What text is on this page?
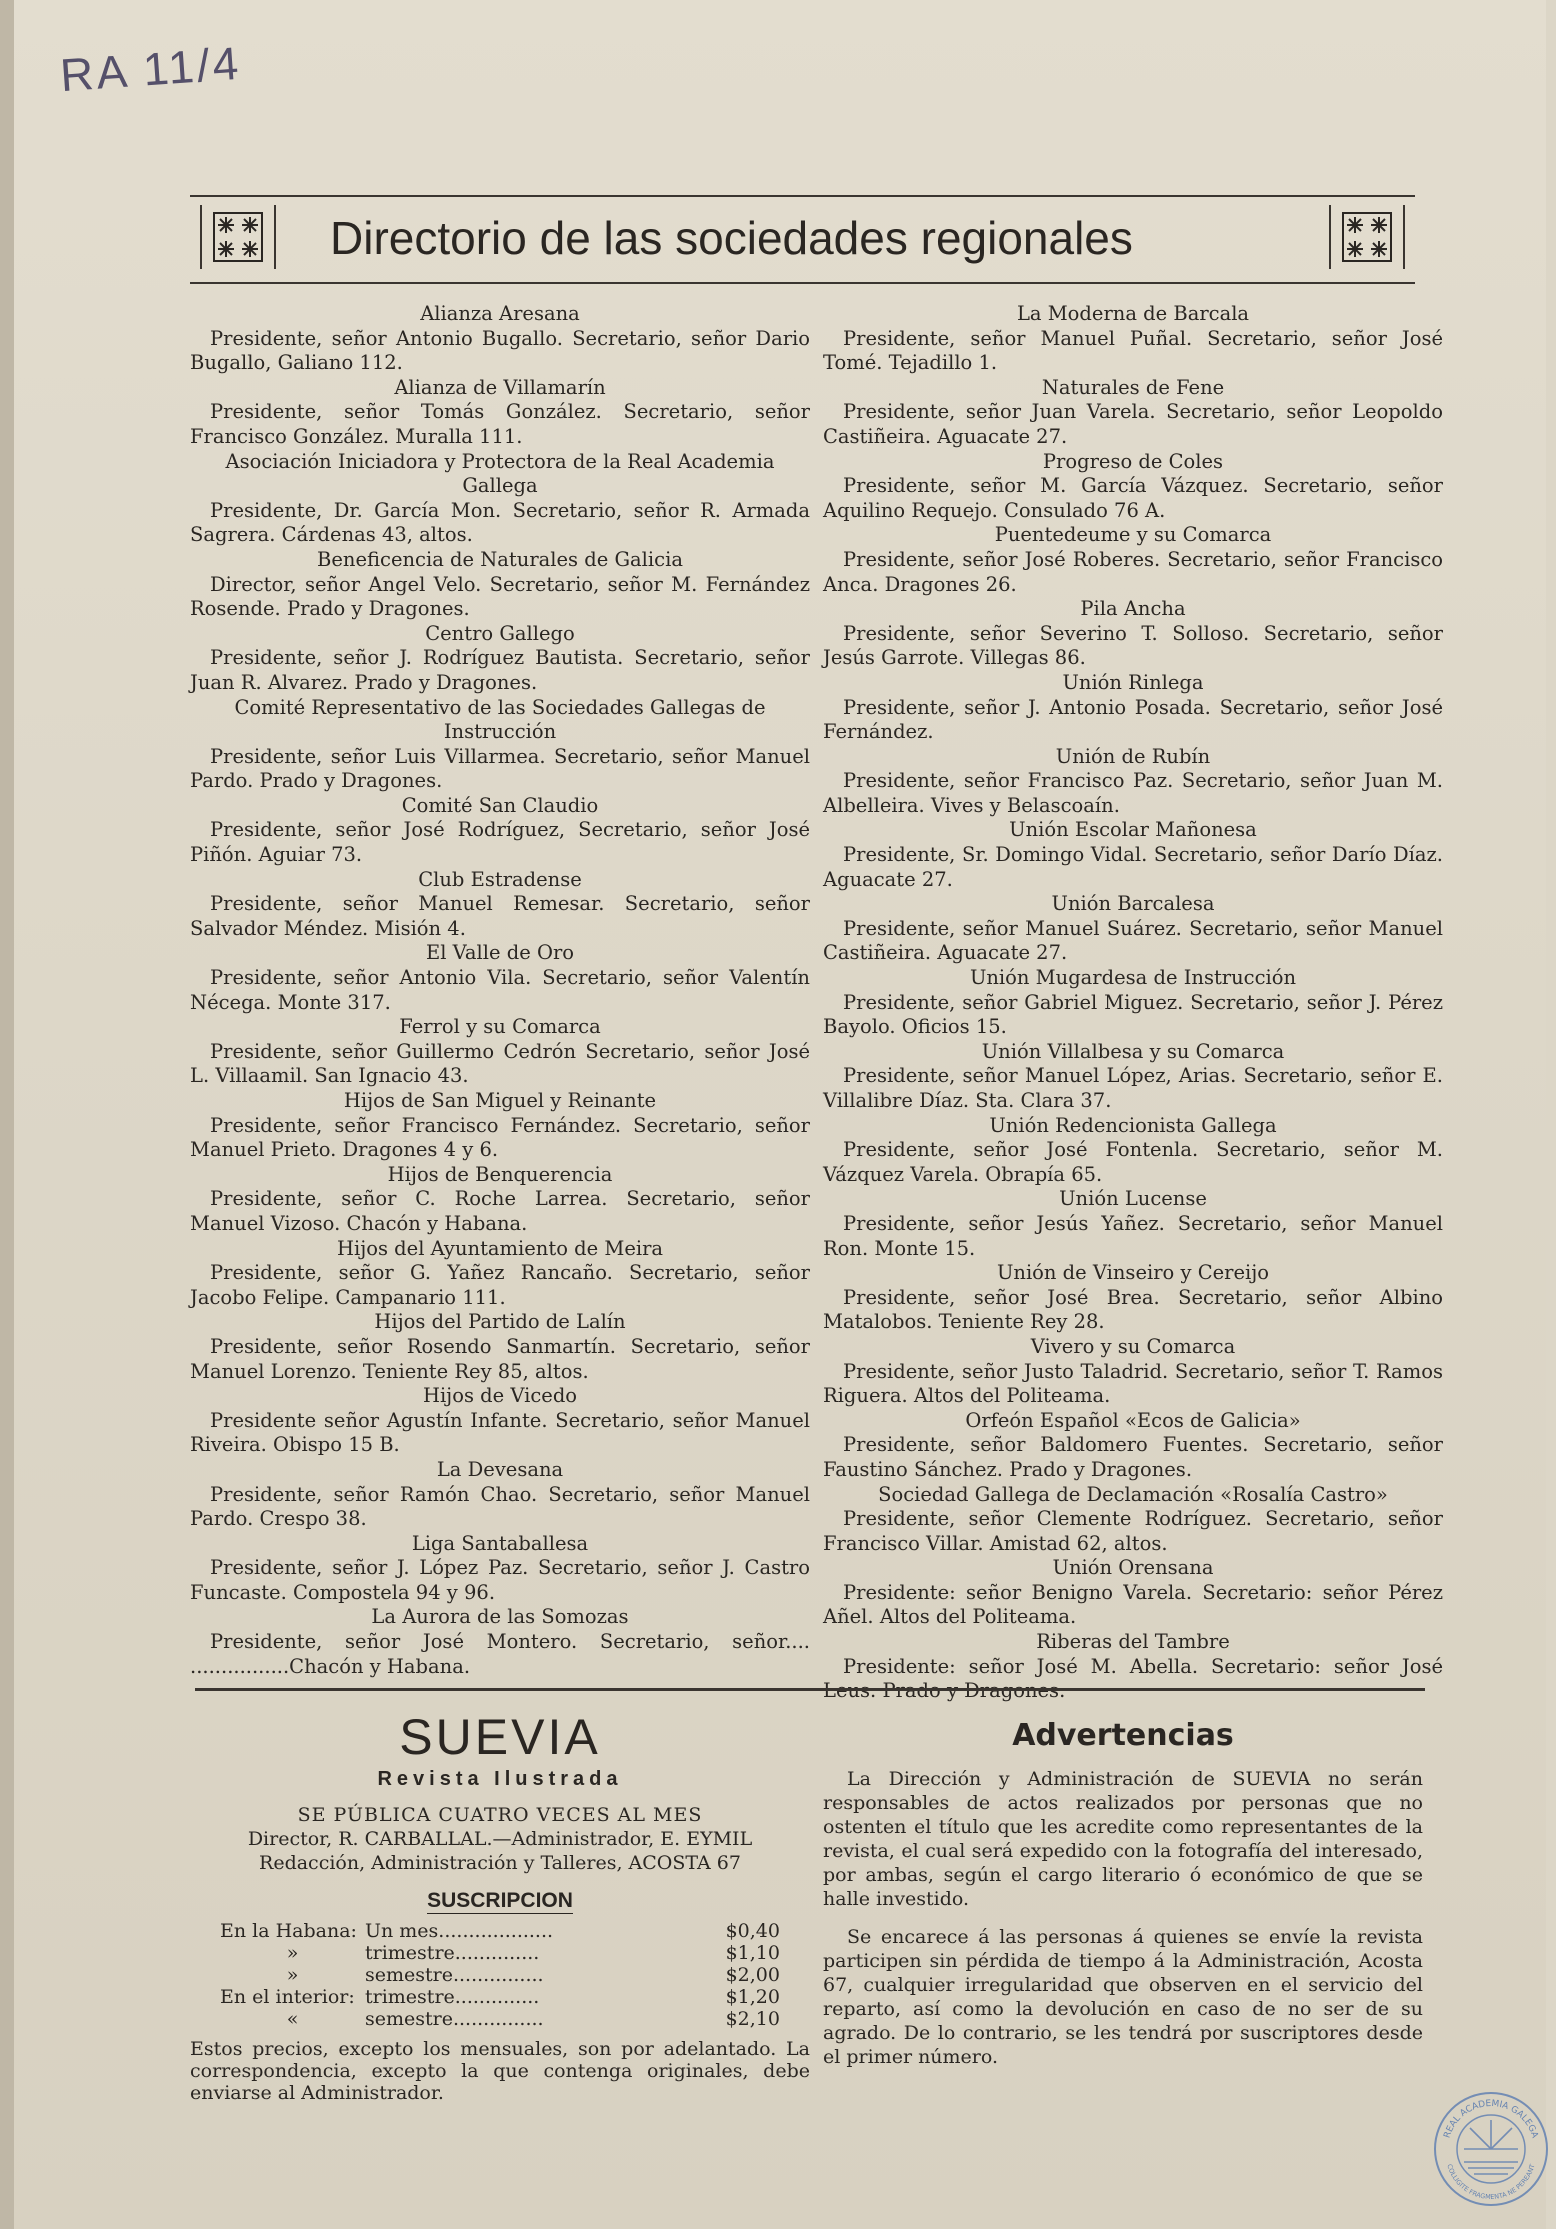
RA 11/4
Directorio de las sociedades regionales
Alianza Aresana
Presidente, señor Antonio Bugallo. Secretario, señor Dario Bugallo, Galiano 112.
Alianza de Villamarín
Presidente, señor Tomás González. Secretario, señor Francisco González. Muralla 111.
Asociación Iniciadora y Protectora de la Real Academia Gallega
Presidente, Dr. García Mon. Secretario, señor R. Armada Sagrera. Cárdenas 43, altos.
Beneficencia de Naturales de Galicia
Director, señor Angel Velo. Secretario, señor M. Fernández Rosende. Prado y Dragones.
Centro Gallego
Presidente, señor J. Rodríguez Bautista. Secretario, señor Juan R. Alvarez. Prado y Dragones.
Comité Representativo de las Sociedades Gallegas de Instrucción
Presidente, señor Luis Villarmea. Secretario, señor Manuel Pardo. Prado y Dragones.
Comité San Claudio
Presidente, señor José Rodríguez, Secretario, señor José Piñón. Aguiar 73.
Club Estradense
Presidente, señor Manuel Remesar. Secretario, señor Salvador Méndez. Misión 4.
El Valle de Oro
Presidente, señor Antonio Vila. Secretario, señor Valentín Nécega. Monte 317.
Ferrol y su Comarca
Presidente, señor Guillermo Cedrón Secretario, señor José L. Villaamil. San Ignacio 43.
Hijos de San Miguel y Reinante
Presidente, señor Francisco Fernández. Secretario, señor Manuel Prieto. Dragones 4 y 6.
Hijos de Benquerencia
Presidente, señor C. Roche Larrea. Secretario, señor Manuel Vizoso. Chacón y Habana.
Hijos del Ayuntamiento de Meira
Presidente, señor G. Yañez Rancaño. Secretario, señor Jacobo Felipe. Campanario 111.
Hijos del Partido de Lalín
Presidente, señor Rosendo Sanmartín. Secretario, señor Manuel Lorenzo. Teniente Rey 85, altos.
Hijos de Vicedo
Presidente señor Agustín Infante. Secretario, señor Manuel Riveira. Obispo 15 B.
La Devesana
Presidente, señor Ramón Chao. Secretario, señor Manuel Pardo. Crespo 38.
Liga Santaballesa
Presidente, señor J. López Paz. Secretario, señor J. Castro Funcaste. Compostela 94 y 96.
La Aurora de las Somozas
Presidente, señor José Montero. Secretario, señor.... ................Chacón y Habana.
La Moderna de Barcala
Presidente, señor Manuel Puñal. Secretario, señor José Tomé. Tejadillo 1.
Naturales de Fene
Presidente, señor Juan Varela. Secretario, señor Leopoldo Castiñeira. Aguacate 27.
Progreso de Coles
Presidente, señor M. García Vázquez. Secretario, señor Aquilino Requejo. Consulado 76 A.
Puentedeume y su Comarca
Presidente, señor José Roberes. Secretario, señor Francisco Anca. Dragones 26.
Pila Ancha
Presidente, señor Severino T. Solloso. Secretario, señor Jesús Garrote. Villegas 86.
Unión Rinlega
Presidente, señor J. Antonio Posada. Secretario, señor José Fernández.
Unión de Rubín
Presidente, señor Francisco Paz. Secretario, señor Juan M. Albelleira. Vives y Belascoaín.
Unión Escolar Mañonesa
Presidente, Sr. Domingo Vidal. Secretario, señor Darío Díaz. Aguacate 27.
Unión Barcalesa
Presidente, señor Manuel Suárez. Secretario, señor Manuel Castiñeira. Aguacate 27.
Unión Mugardesa de Instrucción
Presidente, señor Gabriel Miguez. Secretario, señor J. Pérez Bayolo. Oficios 15.
Unión Villalbesa y su Comarca
Presidente, señor Manuel López, Arias. Secretario, señor E. Villalibre Díaz. Sta. Clara 37.
Unión Redencionista Gallega
Presidente, señor José Fontenla. Secretario, señor M. Vázquez Varela. Obrapía 65.
Unión Lucense
Presidente, señor Jesús Yañez. Secretario, señor Manuel Ron. Monte 15.
Unión de Vinseiro y Cereijo
Presidente, señor José Brea. Secretario, señor Albino Matalobos. Teniente Rey 28.
Vivero y su Comarca
Presidente, señor Justo Taladrid. Secretario, señor T. Ramos Riguera. Altos del Politeama.
Orfeón Español «Ecos de Galicia»
Presidente, señor Baldomero Fuentes. Secretario, señor Faustino Sánchez. Prado y Dragones.
Sociedad Gallega de Declamación «Rosalía Castro»
Presidente, señor Clemente Rodríguez. Secretario, señor Francisco Villar. Amistad 62, altos.
Unión Orensana
Presidente: señor Benigno Varela. Secretario: señor Pérez Añel. Altos del Politeama.
Riberas del Tambre
Presidente: señor José M. Abella. Secretario: señor José Leus. Prado y Dragones.
SUEVIA
Revista Ilustrada
SE PÚBLICA CUATRO VECES AL MES
Director, R. CARBALLAL.—Administrador, E. EYMIL
Redacción, Administración y Talleres, ACOSTA 67
SUSCRIPCION
En la Habana: Un mes...................	$0,40
»	trimestre..............	$1,10
»	semestre...............	$2,00
En el interior: trimestre..............	$1,20
«	semestre...............	$2,10
Estos precios, excepto los mensuales, son por adelantado. La correspondencia, excepto la que contenga originales, debe enviarse al Administrador.
Advertencias

La Dirección y Administración de SUEVIA no serán responsables de actos realizados por personas que no ostenten el título que les acredite como representantes de la revista, el cual será expedido con la fotografía del interesado, por ambas, según el cargo literario ó económico de que se halle investido.

Se encarece á las personas á quienes se envíe la revista participen sin pérdida de tiempo á la Administración, Acosta 67, cualquier irregularidad que observen en el servicio del reparto, así como la devolución en caso de no ser de su agrado. De lo contrario, se les tendrá por suscriptores desde el primer número.

REAL ACADEMIA GALEGA
COLLIGITE FRAGMENTA NE PEREANT
